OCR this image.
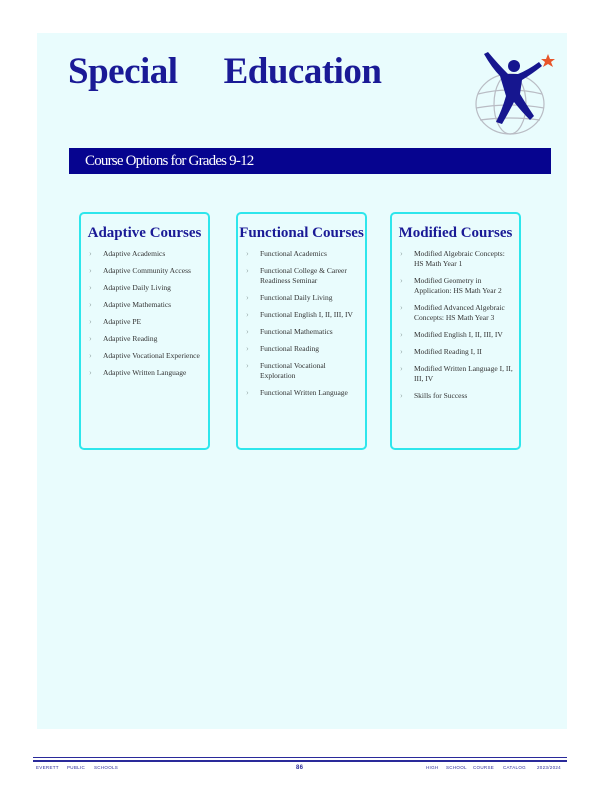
Special Education
Course Options for Grades 9-12
Adaptive Courses
› Adaptive Academics
› Adaptive Community Access
› Adaptive Daily Living
› Adaptive Mathematics
› Adaptive PE
› Adaptive Reading
› Adaptive Vocational Experience
› Adaptive Written Language
Functional Courses
› Functional Academics
› Functional College & Career Readiness Seminar
› Functional Daily Living
› Functional English I, II, III, IV
› Functional Mathematics
› Functional Reading
› Functional Vocational Exploration
› Functional Written Language
Modified Courses
› Modified Algebraic Concepts: HS Math Year 1
› Modified Geometry in Application: HS Math Year 2
› Modified Advanced Algebraic Concepts: HS Math Year 3
› Modified English I, II, III, IV
› Modified Reading I, II
› Modified Written Language I, II, III, IV
› Skills for Success
EVERETT PUBLIC SCHOOLS	86	HIGH SCHOOL COURSE CATALOG 2023/2024
